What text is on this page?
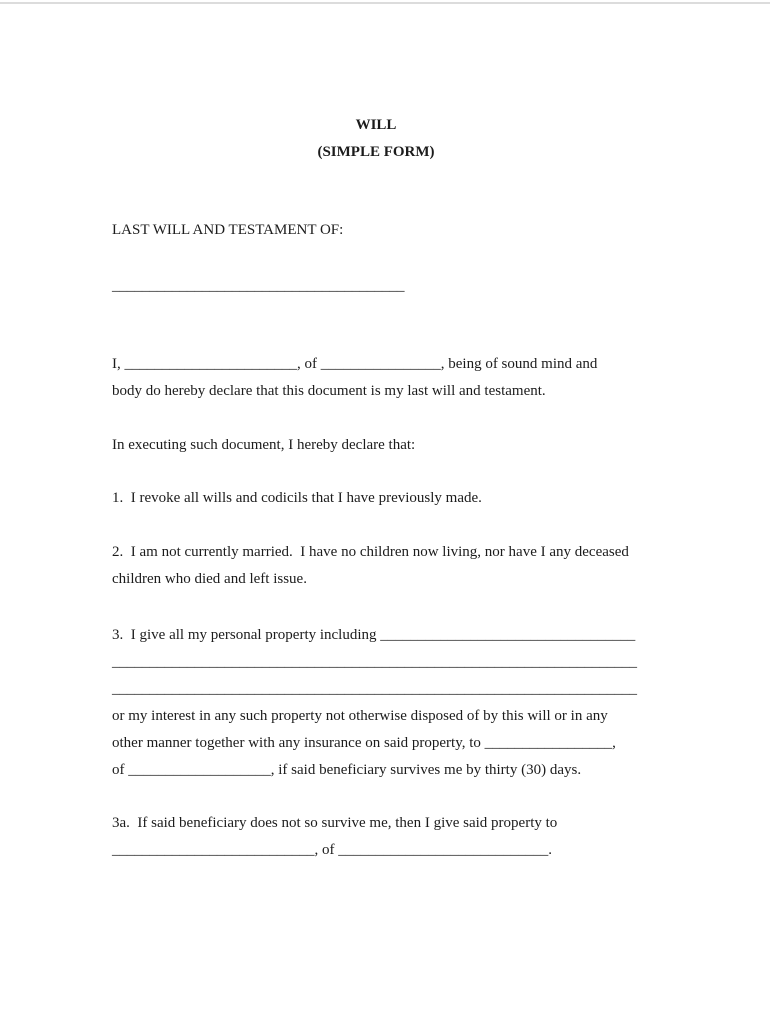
WILL
(SIMPLE FORM)
LAST WILL AND TESTAMENT OF:
_______________________________________
I, _______________________, of ________________, being of sound mind and
body do hereby declare that this document is my last will and testament.
In executing such document, I hereby declare that:
1.  I revoke all wills and codicils that I have previously made.
2.  I am not currently married.  I have no children now living, nor have I any deceased
children who died and left issue.
3.  I give all my personal property including __________________________________
______________________________________________________________________
______________________________________________________________________
or my interest in any such property not otherwise disposed of by this will or in any
other manner together with any insurance on said property, to _________________,
of ___________________, if said beneficiary survives me by thirty (30) days.
3a.  If said beneficiary does not so survive me, then I give said property to
___________________________, of ____________________________.
